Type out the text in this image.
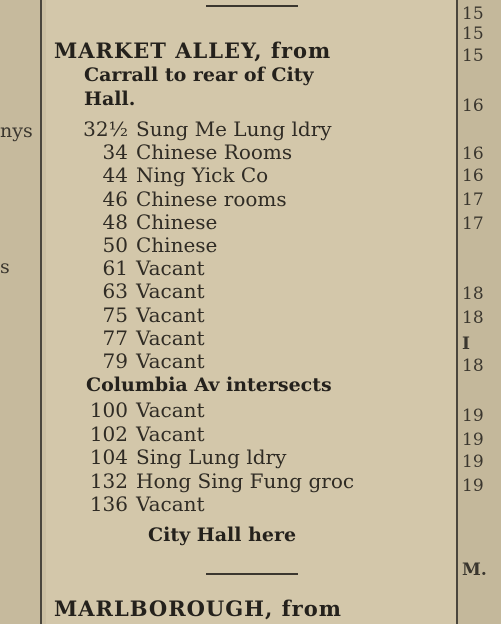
nys
s
MARKET ALLEY, from
Carrall to rear of City
Hall.
32½ Sung Me Lung ldry
34 Chinese Rooms
44 Ning Yick Co
46 Chinese rooms
48 Chinese
50 Chinese
61 Vacant
63 Vacant
75 Vacant
77 Vacant
79 Vacant
Columbia Av intersects
100 Vacant
102 Vacant
104 Sing Lung ldry
132 Hong Sing Fung groc
136 Vacant
City Hall here
MARLBOROUGH, from
15
15
15
16
16
16
17
17
18
18
I
18
19
19
19
19
M.
